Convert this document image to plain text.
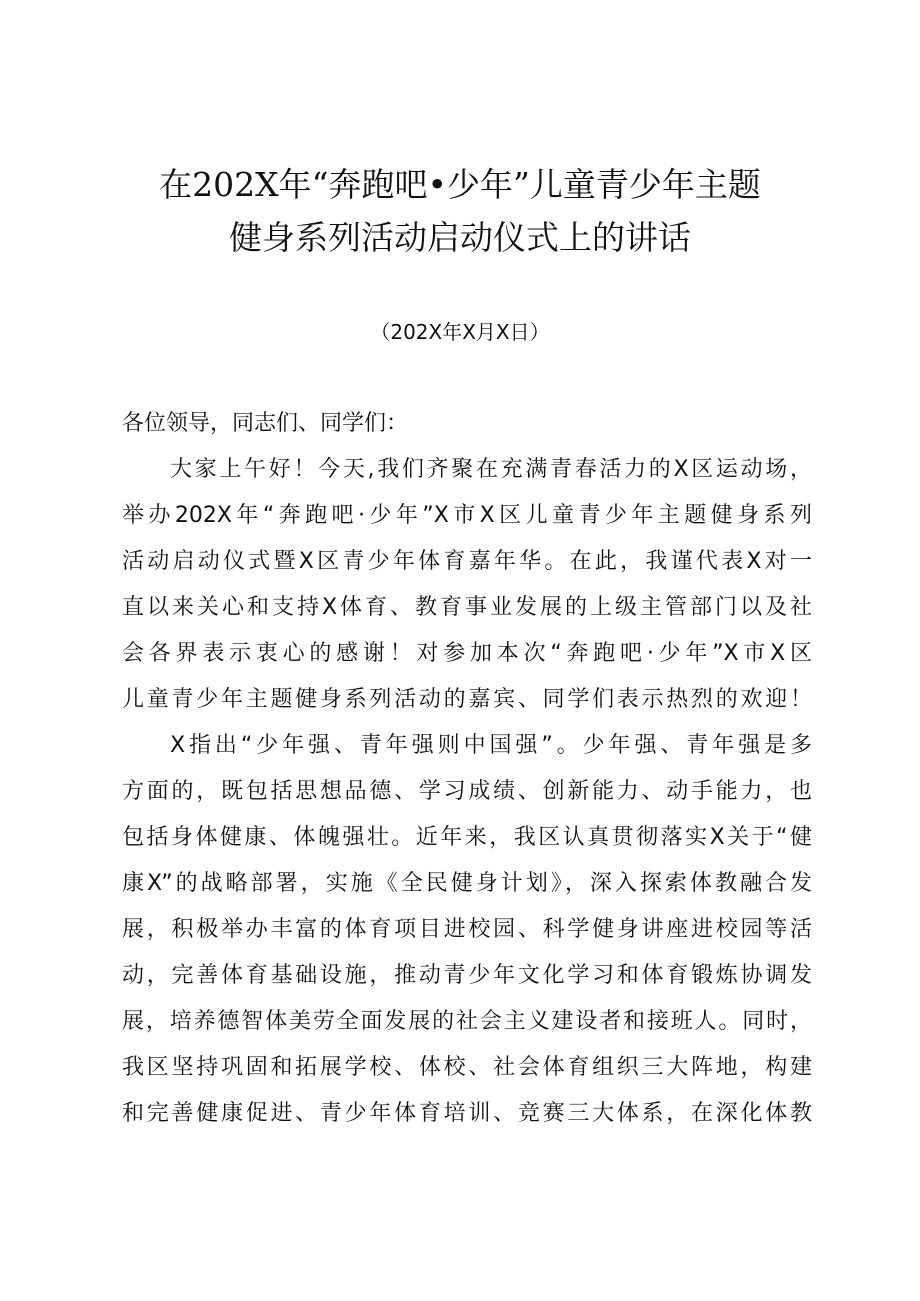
在202X年“奔跑吧•少年”儿童青少年主题
健身系列活动启动仪式上的讲话
（202X年X月X日）
各位领导，同志们、同学们：
大家上午好！今天,我们齐聚在充满青春活力的X区运动场，
举办202X年“奔跑吧·少年”X市X区儿童青少年主题健身系列
活动启动仪式暨X区青少年体育嘉年华。在此，我谨代表X对一
直以来关心和支持X体育、教育事业发展的上级主管部门以及社
会各界表示衷心的感谢！对参加本次“奔跑吧·少年”X市X区
儿童青少年主题健身系列活动的嘉宾、同学们表示热烈的欢迎！
X指出“少年强、青年强则中国强”。少年强、青年强是多
方面的，既包括思想品德、学习成绩、创新能力、动手能力，也
包括身体健康、体魄强壮。近年来，我区认真贯彻落实X关于“健
康X”的战略部署，实施《全民健身计划》，深入探索体教融合发
展，积极举办丰富的体育项目进校园、科学健身讲座进校园等活
动，完善体育基础设施，推动青少年文化学习和体育锻炼协调发
展，培养德智体美劳全面发展的社会主义建设者和接班人。同时，
我区坚持巩固和拓展学校、体校、社会体育组织三大阵地，构建
和完善健康促进、青少年体育培训、竞赛三大体系，在深化体教
